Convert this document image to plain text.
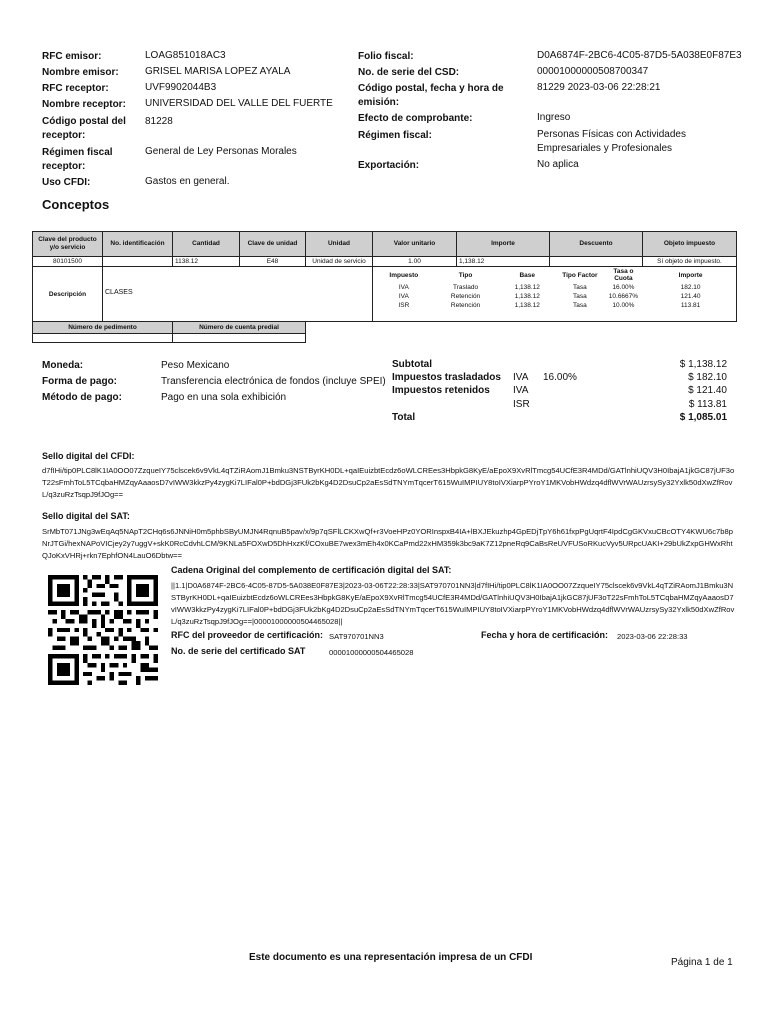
RFC emisor:	LOAG851018AC3
Nombre emisor:	GRISEL MARISA LOPEZ AYALA
RFC receptor:	UVF9902044B3
Nombre receptor: UNIVERSIDAD DEL VALLE DEL FUERTE
Código postal del receptor:
81228
Régimen fiscal receptor:
General de Ley Personas Morales
Uso CFDI:	Gastos en general.
Folio fiscal:	D0A6874F-2BC6-4C05-87D5-5A038E0F87E3
No. de serie del CSD:	00001000000508700347
Código postal, fecha y hora de emisión:
81229 2023-03-06 22:28:21
Efecto de comprobante:	Ingreso
Régimen fiscal:	Personas Físicas con Actividades
Empresariales y Profesionales
Exportación:	No aplica
Conceptos
Clave del producto y/o servicio	No. identificación	Cantidad	Clave de unidad	Unidad	Valor unitario	Importe	Descuento	Objeto impuesto
80101500		1138.12	E48	Unidad de servicio	1.00	1,138.12		Sí objeto de impuesto.
Descripción	CLASES	
Impuesto	Tipo	Base	Tipo Factor	Tasa o Cuota	Importe
IVA	Traslado	1,138.12	Tasa	16.00%	182.10
IVA	Retención	1,138.12	Tasa	10.6667%	121.40
ISR	Retención	1,138.12	Tasa	10.00%	113.81

Número de pedimento	Número de cuenta predial	

Moneda:	Peso Mexicano
Forma de pago:	Transferencia electrónica de fondos (incluye SPEI)
Método de pago:	Pago en una sola exhibición
Subtotal	$ 1,138.12
Impuestos trasladados IVA 16.00%	$ 182.10
Impuestos retenidos IVA	$ 121.40
ISR	$ 113.81
Total	$ 1,085.01
Sello digital del CFDI:
d7fIHi/tip0PLC8lK1IA0OO07ZzqueIY75clscek6v9VkL4qTZiRAomJ1Bmku3NSTByrKH0DL+qaIEuizbtEcdz6oWLCREes3HbpkG8KyE/aEpoX9XvRlTmcg54UCfE3R4MDd/GATlnhiUQV3H0IbajA1jkGC87jUF3oT22sFmhToL5TCqbaHMZqyAaaosD7vIWW3kkzPy4zygKi7LIFal0P+bdDGj3FUk2bKg4D2DsuCp2aEsSdTNYmTqcerT615WuIMPIUY8toIVXiarpPYroY1MKVobHWdzq4dflWVrWAUzrsySy32Yxlk50dXwZfRovL/q3zuRzTsqpJ9fJOg==
Sello digital del SAT:
SrMbT071JNg3wEqAq5NApT2CHq6s6JNNiH0m5phbSByUMJN4RqnuB5pav/x/9p7qSFlLCKXwQf+r3VoeHPz0YORInspxB4IA+lBXJEkuzhp4GpEDjTpY6h61fxpPgUqrtF4IpdCgGKVxuCBcOTY4KWU6c7b8pNrJTGi/hexNAPoVICjey2y7uggV+skK0RcCdvhLCM/9KNLa5FOXwD5DhHxzKf/COxuBE7wex3mEh4x0KCaPmd22xHM359k3bc9aK7Z12pneRq9CaBsReUVFUSoRKucVyv5URpcUAKI+29bUkZxpGHWxRhtQJoKxVHRj+rkn7EphfON4LauO6Dbtw==
Cadena Original del complemento de certificación digital del SAT:
||1.1|D0A6874F-2BC6-4C05-87D5-5A038E0F87E3|2023-03-06T22:28:33|SAT970701NN3|d7fIHi/tip0PLC8lK1IA0OO07ZzqueIY75clscek6v9VkL4qTZiRAomJ1Bmku3NSTByrKH0DL+qaIEuizbtEcdz6oWLCREes3HbpkG8KyE/aEpoX9XvRlTmcg54UCfE3R4MDd/GATlnhiUQV3H0IbajA1jkGC87jUF3oT22sFmhToL5TCqbaHMZqyAaaosD7vIWW3kkzPy4zygKi7LIFal0P+bdDGj3FUk2bKg4D2DsuCp2aEsSdTNYmTqcerT615WuIMPIUY8toIVXiarpPYroY1MKVobHWdzq4dflWVrWAUzrsySy32Yxlk50dXwZfRovL/q3zuRzTsqpJ9fJOg==|00001000000504465028||
RFC del proveedor de certificación: SAT970701NN3	Fecha y hora de certificación: 2023-03-06 22:28:33
No. de serie del certificado SAT	00001000000504465028
Este documento es una representación impresa de un CFDI	Página 1 de 1
